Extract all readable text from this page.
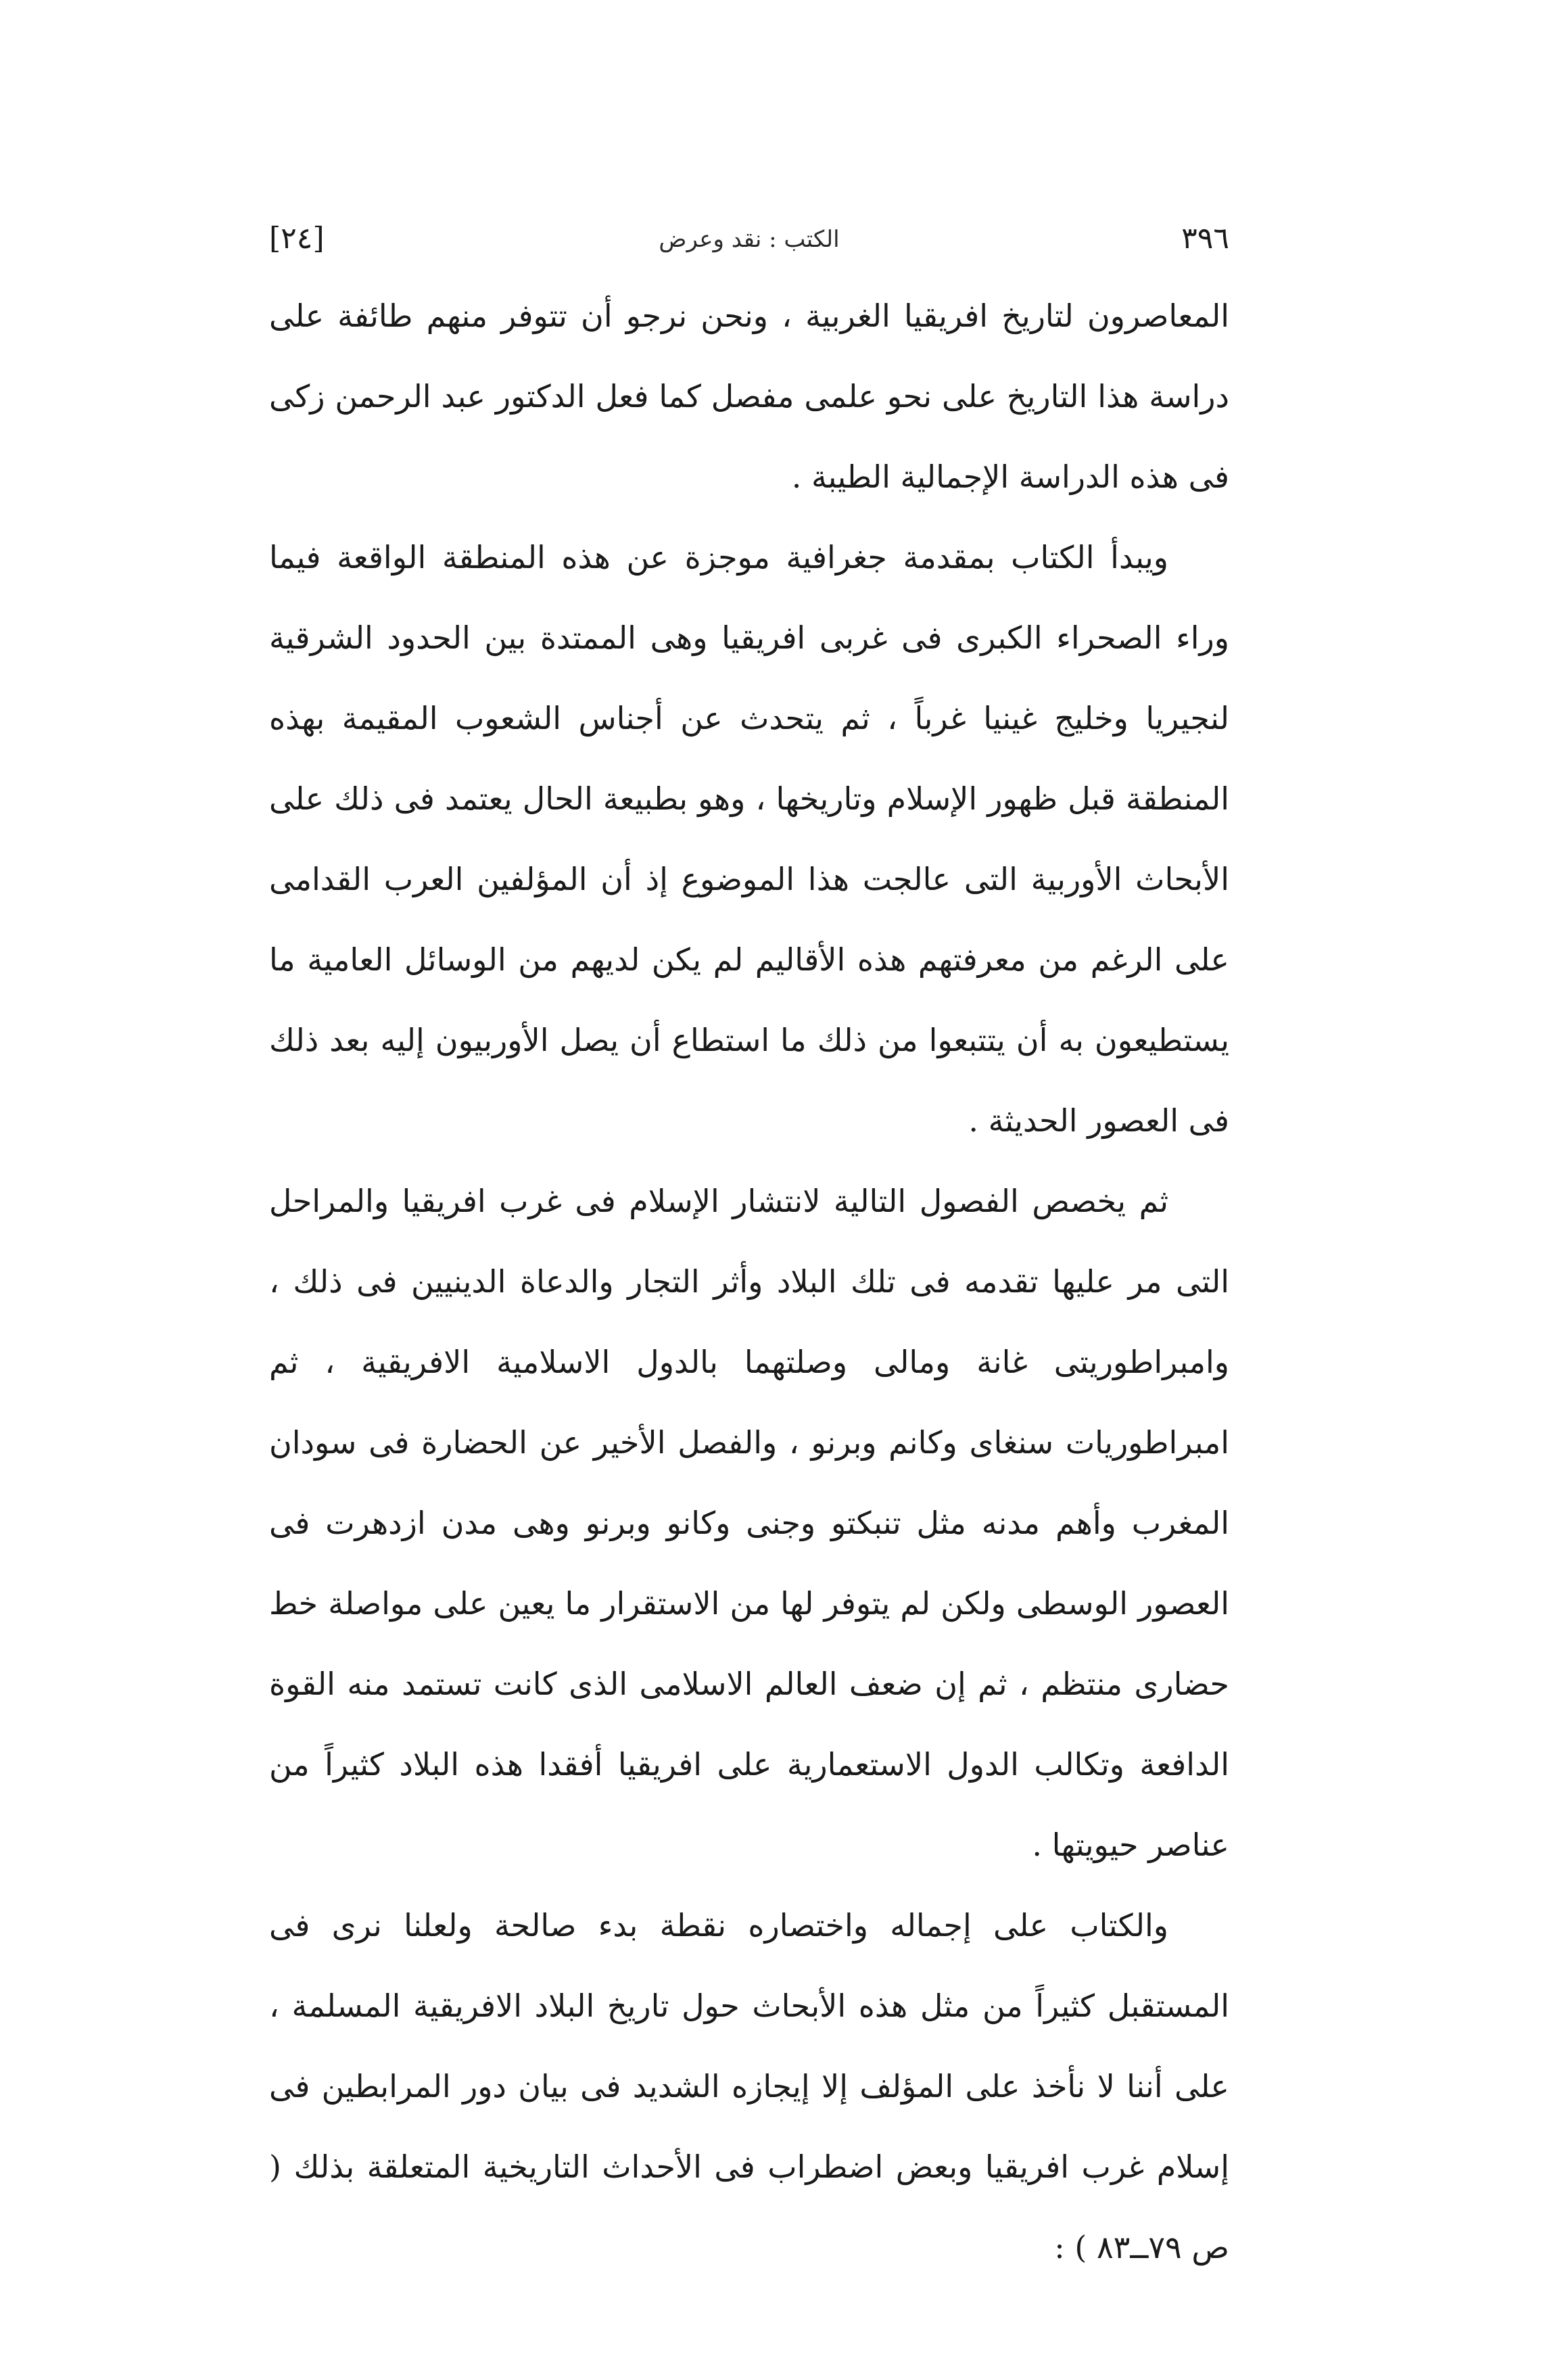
٣٩٦
الكتب : نقد وعرض
[٢٤]

المعاصرون لتاريخ افريقيا الغربية ، ونحن نرجو أن تتوفر منهم طائفة على دراسة هذا التاريخ على نحو علمى مفصل كما فعل الدكتور عبد الرحمن زكى فى هذه الدراسة الإجمالية الطيبة .

ويبدأ الكتاب بمقدمة جغرافية موجزة عن هذه المنطقة الواقعة فيما وراء الصحراء الكبرى فى غربى افريقيا وهى الممتدة بين الحدود الشرقية لنجيريا وخليج غينيا غرباً ، ثم يتحدث عن أجناس الشعوب المقيمة بهذه المنطقة قبل ظهور الإسلام وتاريخها ، وهو بطبيعة الحال يعتمد فى ذلك على الأبحاث الأوربية التى عالجت هذا الموضوع إذ أن المؤلفين العرب القدامى على الرغم من معرفتهم هذه الأقاليم لم يكن لديهم من الوسائل العامية ما يستطيعون به أن يتتبعوا من ذلك ما استطاع أن يصل الأوربيون إليه بعد ذلك فى العصور الحديثة .

ثم يخصص الفصول التالية لانتشار الإسلام فى غرب افريقيا والمراحل التى مر عليها تقدمه فى تلك البلاد وأثر التجار والدعاة الدينيين فى ذلك ، وامبراطوريتى غانة ومالى وصلتهما بالدول الاسلامية الافريقية ، ثم امبراطوريات سنغاى وكانم وبرنو ، والفصل الأخير عن الحضارة فى سودان المغرب وأهم مدنه مثل تنبكتو وجنى وكانو وبرنو وهى مدن ازدهرت فى العصور الوسطى ولكن لم يتوفر لها من الاستقرار ما يعين على مواصلة خط حضارى منتظم ، ثم إن ضعف العالم الاسلامى الذى كانت تستمد منه القوة الدافعة وتكالب الدول الاستعمارية على افريقيا أفقدا هذه البلاد كثيراً من عناصر حيويتها .

والكتاب على إجماله واختصاره نقطة بدء صالحة ولعلنا نرى فى المستقبل كثيراً من مثل هذه الأبحاث حول تاريخ البلاد الافريقية المسلمة ، على أننا لا نأخذ على المؤلف إلا إيجازه الشديد فى بيان دور المرابطين فى إسلام غرب افريقيا وبعض اضطراب فى الأحداث التاريخية المتعلقة بذلك ( ص ٧٩ــ٨٣ ) :
